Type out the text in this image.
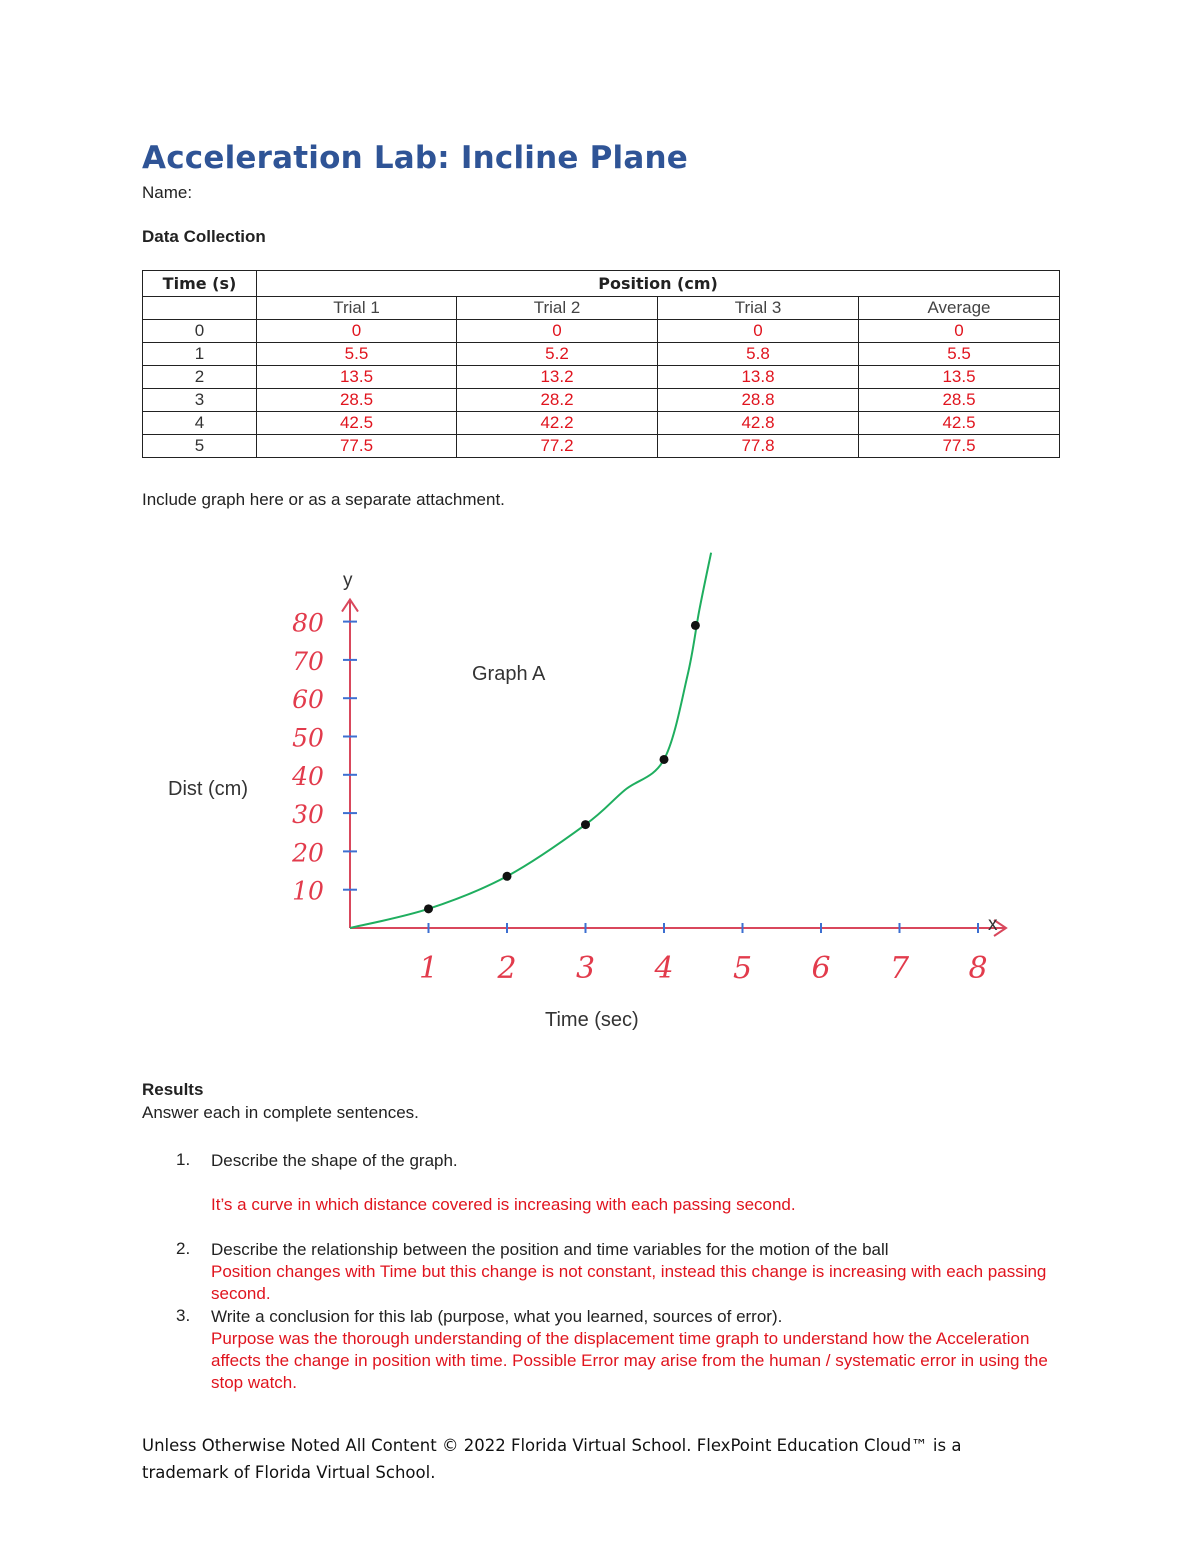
Acceleration Lab: Incline Plane
Name:
Data Collection
Time (s)	Position (cm)			
	Trial 1	Trial 2	Trial 3	Average
0	0	0	0	0
1	5.5	5.2	5.8	5.5
2	13.5	13.2	13.8	13.5
3	28.5	28.2	28.8	28.5
4	42.5	42.2	42.8	42.5
5	77.5	77.2	77.8	77.5
Include graph here or as a separate attachment.
1 2 3 4 5 6 7 8
10
20
30
40
50
60
70
80
Graph A
Dist (cm)
Time (sec)
x
y
Results
Answer each in complete sentences.
1. Describe the shape of the graph.
It’s a curve in which distance covered is increasing with each passing second.
2. Describe the relationship between the position and time variables for the motion of the ball
Position changes with Time but this change is not constant, instead this change is increasing with each passing second.
3. Write a conclusion for this lab (purpose, what you learned, sources of error).
Purpose was the thorough understanding of the displacement time graph to understand how the Acceleration affects the change in position with time. Possible Error may arise from the human / systematic error in using the stop watch.
Unless Otherwise Noted All Content © 2022 Florida Virtual School. FlexPoint Education Cloud™ is a trademark of Florida Virtual School.
